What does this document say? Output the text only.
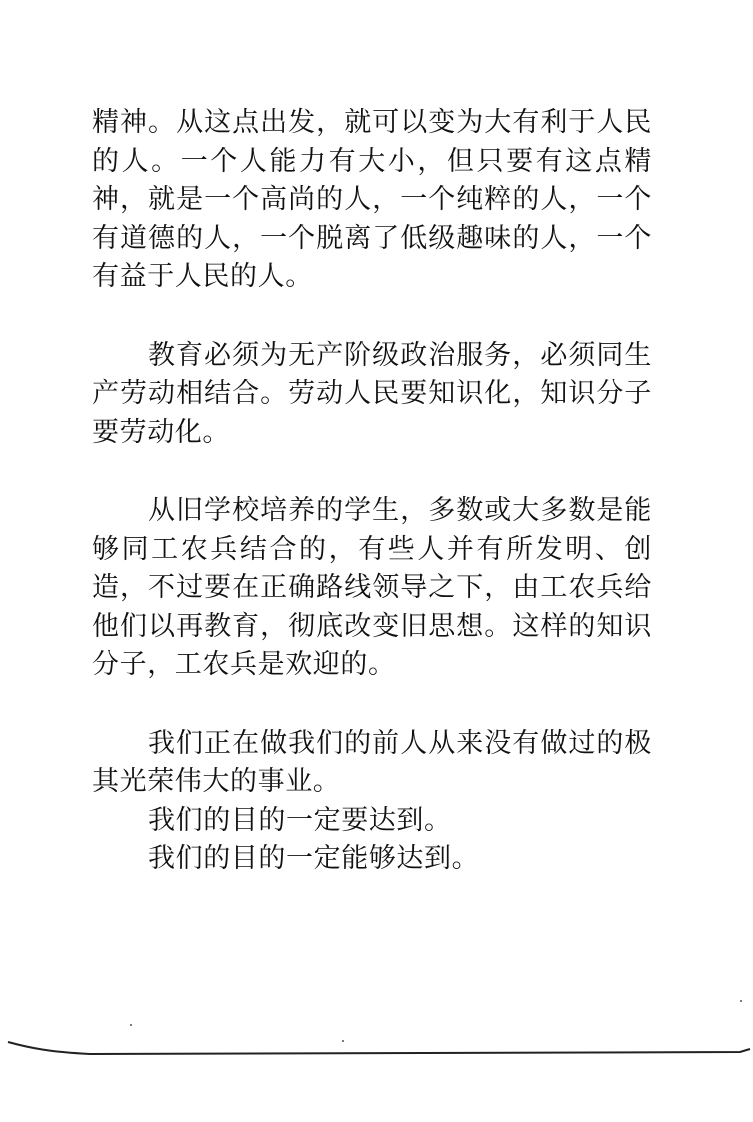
精神。从这点出发，就可以变为大有利于人民的人。一个人能力有大小，但只要有这点精神，就是一个高尚的人，一个纯粹的人，一个有道德的人，一个脱离了低级趣味的人，一个有益于人民的人。

教育必须为无产阶级政治服务，必须同生产劳动相结合。劳动人民要知识化，知识分子要劳动化。

从旧学校培养的学生，多数或大多数是能够同工农兵结合的，有些人并有所发明、创造，不过要在正确路线领导之下，由工农兵给他们以再教育，彻底改变旧思想。这样的知识分子，工农兵是欢迎的。

我们正在做我们的前人从来没有做过的极其光荣伟大的事业。

我们的目的一定要达到。

我们的目的一定能够达到。
